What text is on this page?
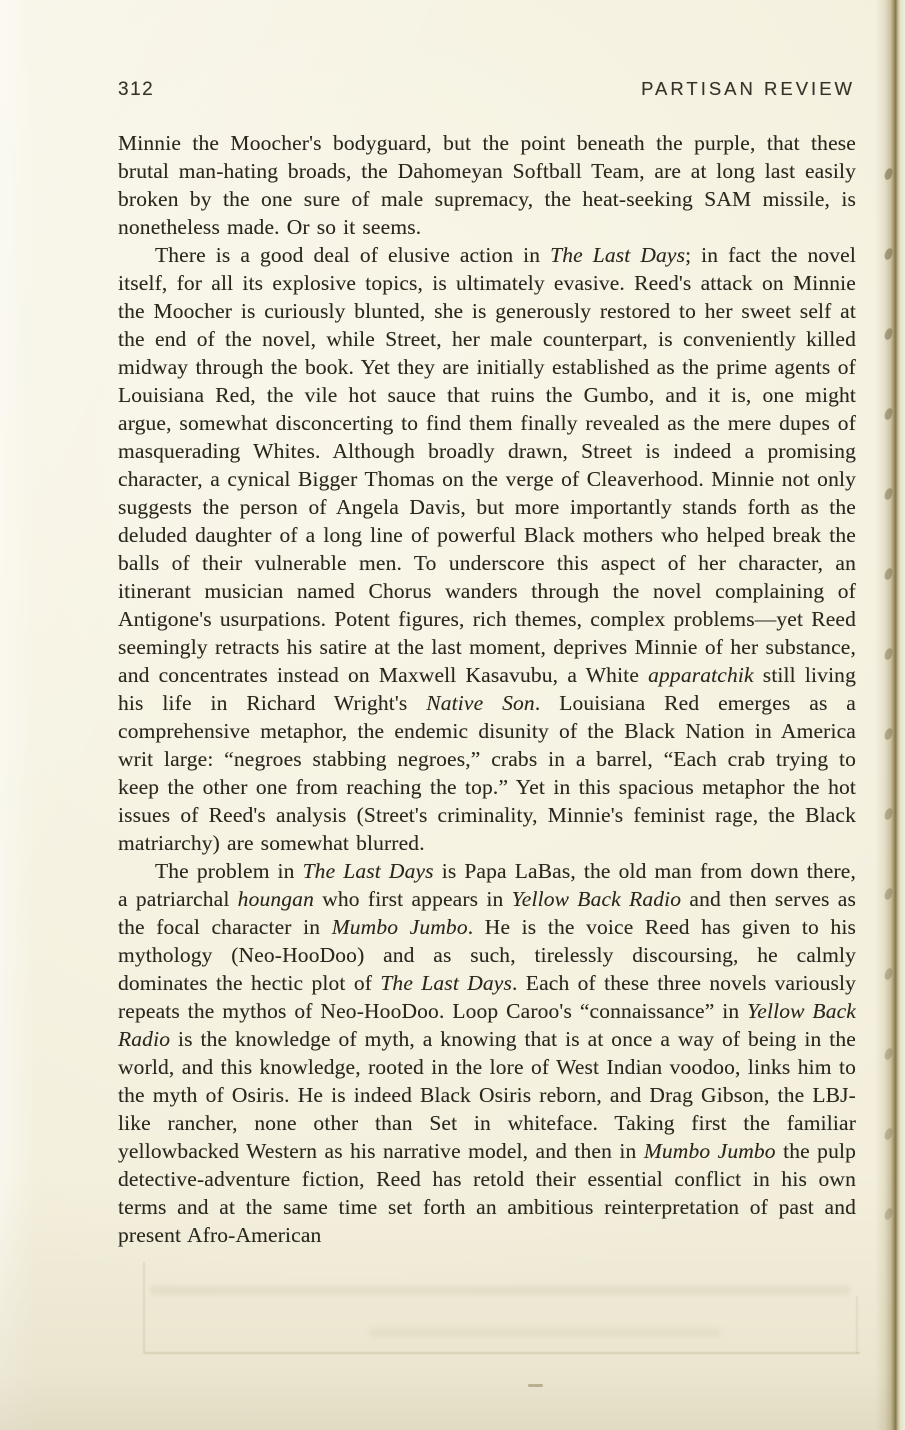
312	PARTISAN REVIEW

Minnie the Moocher's bodyguard, but the point beneath the purple, that these brutal man-hating broads, the Dahomeyan Softball Team, are at long last easily broken by the one sure of male supremacy, the heat-seeking SAM missile, is nonetheless made. Or so it seems.

There is a good deal of elusive action in The Last Days; in fact the novel itself, for all its explosive topics, is ultimately evasive. Reed's attack on Minnie the Moocher is curiously blunted, she is generously restored to her sweet self at the end of the novel, while Street, her male counterpart, is conveniently killed midway through the book. Yet they are initially established as the prime agents of Louisiana Red, the vile hot sauce that ruins the Gumbo, and it is, one might argue, somewhat disconcerting to find them finally revealed as the mere dupes of masquerading Whites. Although broadly drawn, Street is indeed a promising character, a cynical Bigger Thomas on the verge of Cleaverhood. Minnie not only suggests the person of Angela Davis, but more importantly stands forth as the deluded daughter of a long line of powerful Black mothers who helped break the balls of their vulnerable men. To underscore this aspect of her character, an itinerant musician named Chorus wanders through the novel complaining of Antigone's usurpations. Potent figures, rich themes, complex problems—yet Reed seemingly retracts his satire at the last moment, deprives Minnie of her substance, and concentrates instead on Maxwell Kasavubu, a White apparatchik still living his life in Richard Wright's Native Son. Louisiana Red emerges as a comprehensive metaphor, the endemic disunity of the Black Nation in America writ large: “negroes stabbing negroes,” crabs in a barrel, “Each crab trying to keep the other one from reaching the top.” Yet in this spacious metaphor the hot issues of Reed's analysis (Street's criminality, Minnie's feminist rage, the Black matriarchy) are somewhat blurred.

The problem in The Last Days is Papa LaBas, the old man from down there, a patriarchal houngan who first appears in Yellow Back Radio and then serves as the focal character in Mumbo Jumbo. He is the voice Reed has given to his mythology (Neo-HooDoo) and as such, tirelessly discoursing, he calmly dominates the hectic plot of The Last Days. Each of these three novels variously repeats the mythos of Neo-HooDoo. Loop Caroo's “connaissance” in Yellow Back Radio is the knowledge of myth, a knowing that is at once a way of being in the world, and this knowledge, rooted in the lore of West Indian voodoo, links him to the myth of Osiris. He is indeed Black Osiris reborn, and Drag Gibson, the LBJ-like rancher, none other than Set in whiteface. Taking first the familiar yellowbacked Western as his narrative model, and then in Mumbo Jumbo the pulp detective-adventure fiction, Reed has retold their essential conflict in his own terms and at the same time set forth an ambitious reinterpretation of past and present Afro-American
